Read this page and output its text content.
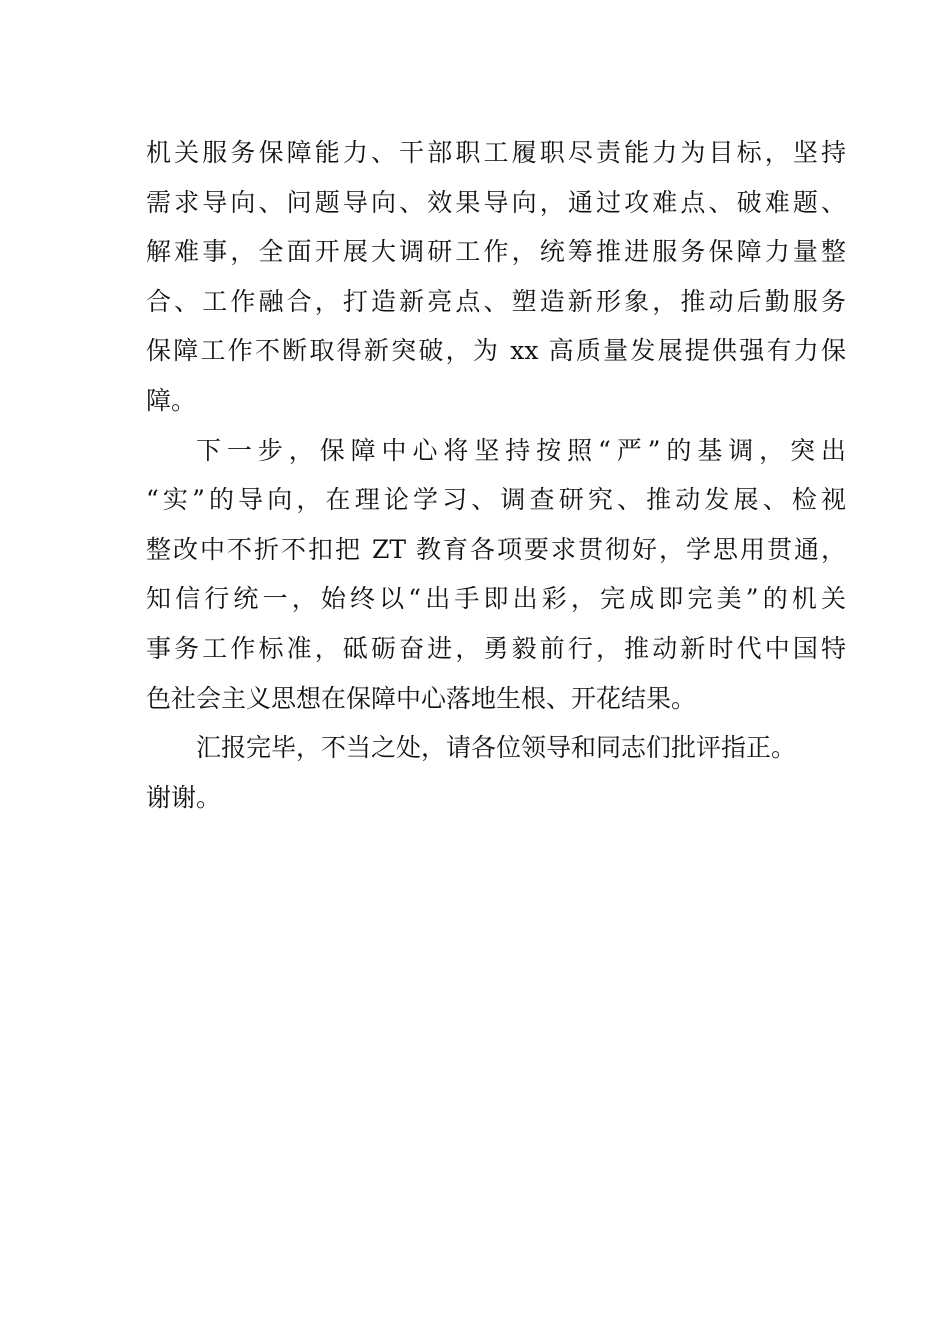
机关服务保障能力、干部职工履职尽责能力为目标，坚持
需求导向、问题导向、效果导向，通过攻难点、破难题、
解难事，全面开展大调研工作，统筹推进服务保障力量整
合、工作融合，打造新亮点、塑造新形象，推动后勤服务
保障工作不断取得新突破，为 xx 高质量发展提供强有力保
障。
下一步，保障中心将坚持按照“严”的基调，突出
“实”的导向，在理论学习、调查研究、推动发展、检视
整改中不折不扣把 ZT 教育各项要求贯彻好，学思用贯通，
知信行统一，始终以“出手即出彩，完成即完美”的机关
事务工作标准，砥砺奋进，勇毅前行，推动新时代中国特
色社会主义思想在保障中心落地生根、开花结果。
汇报完毕，不当之处，请各位领导和同志们批评指正。
谢谢。
